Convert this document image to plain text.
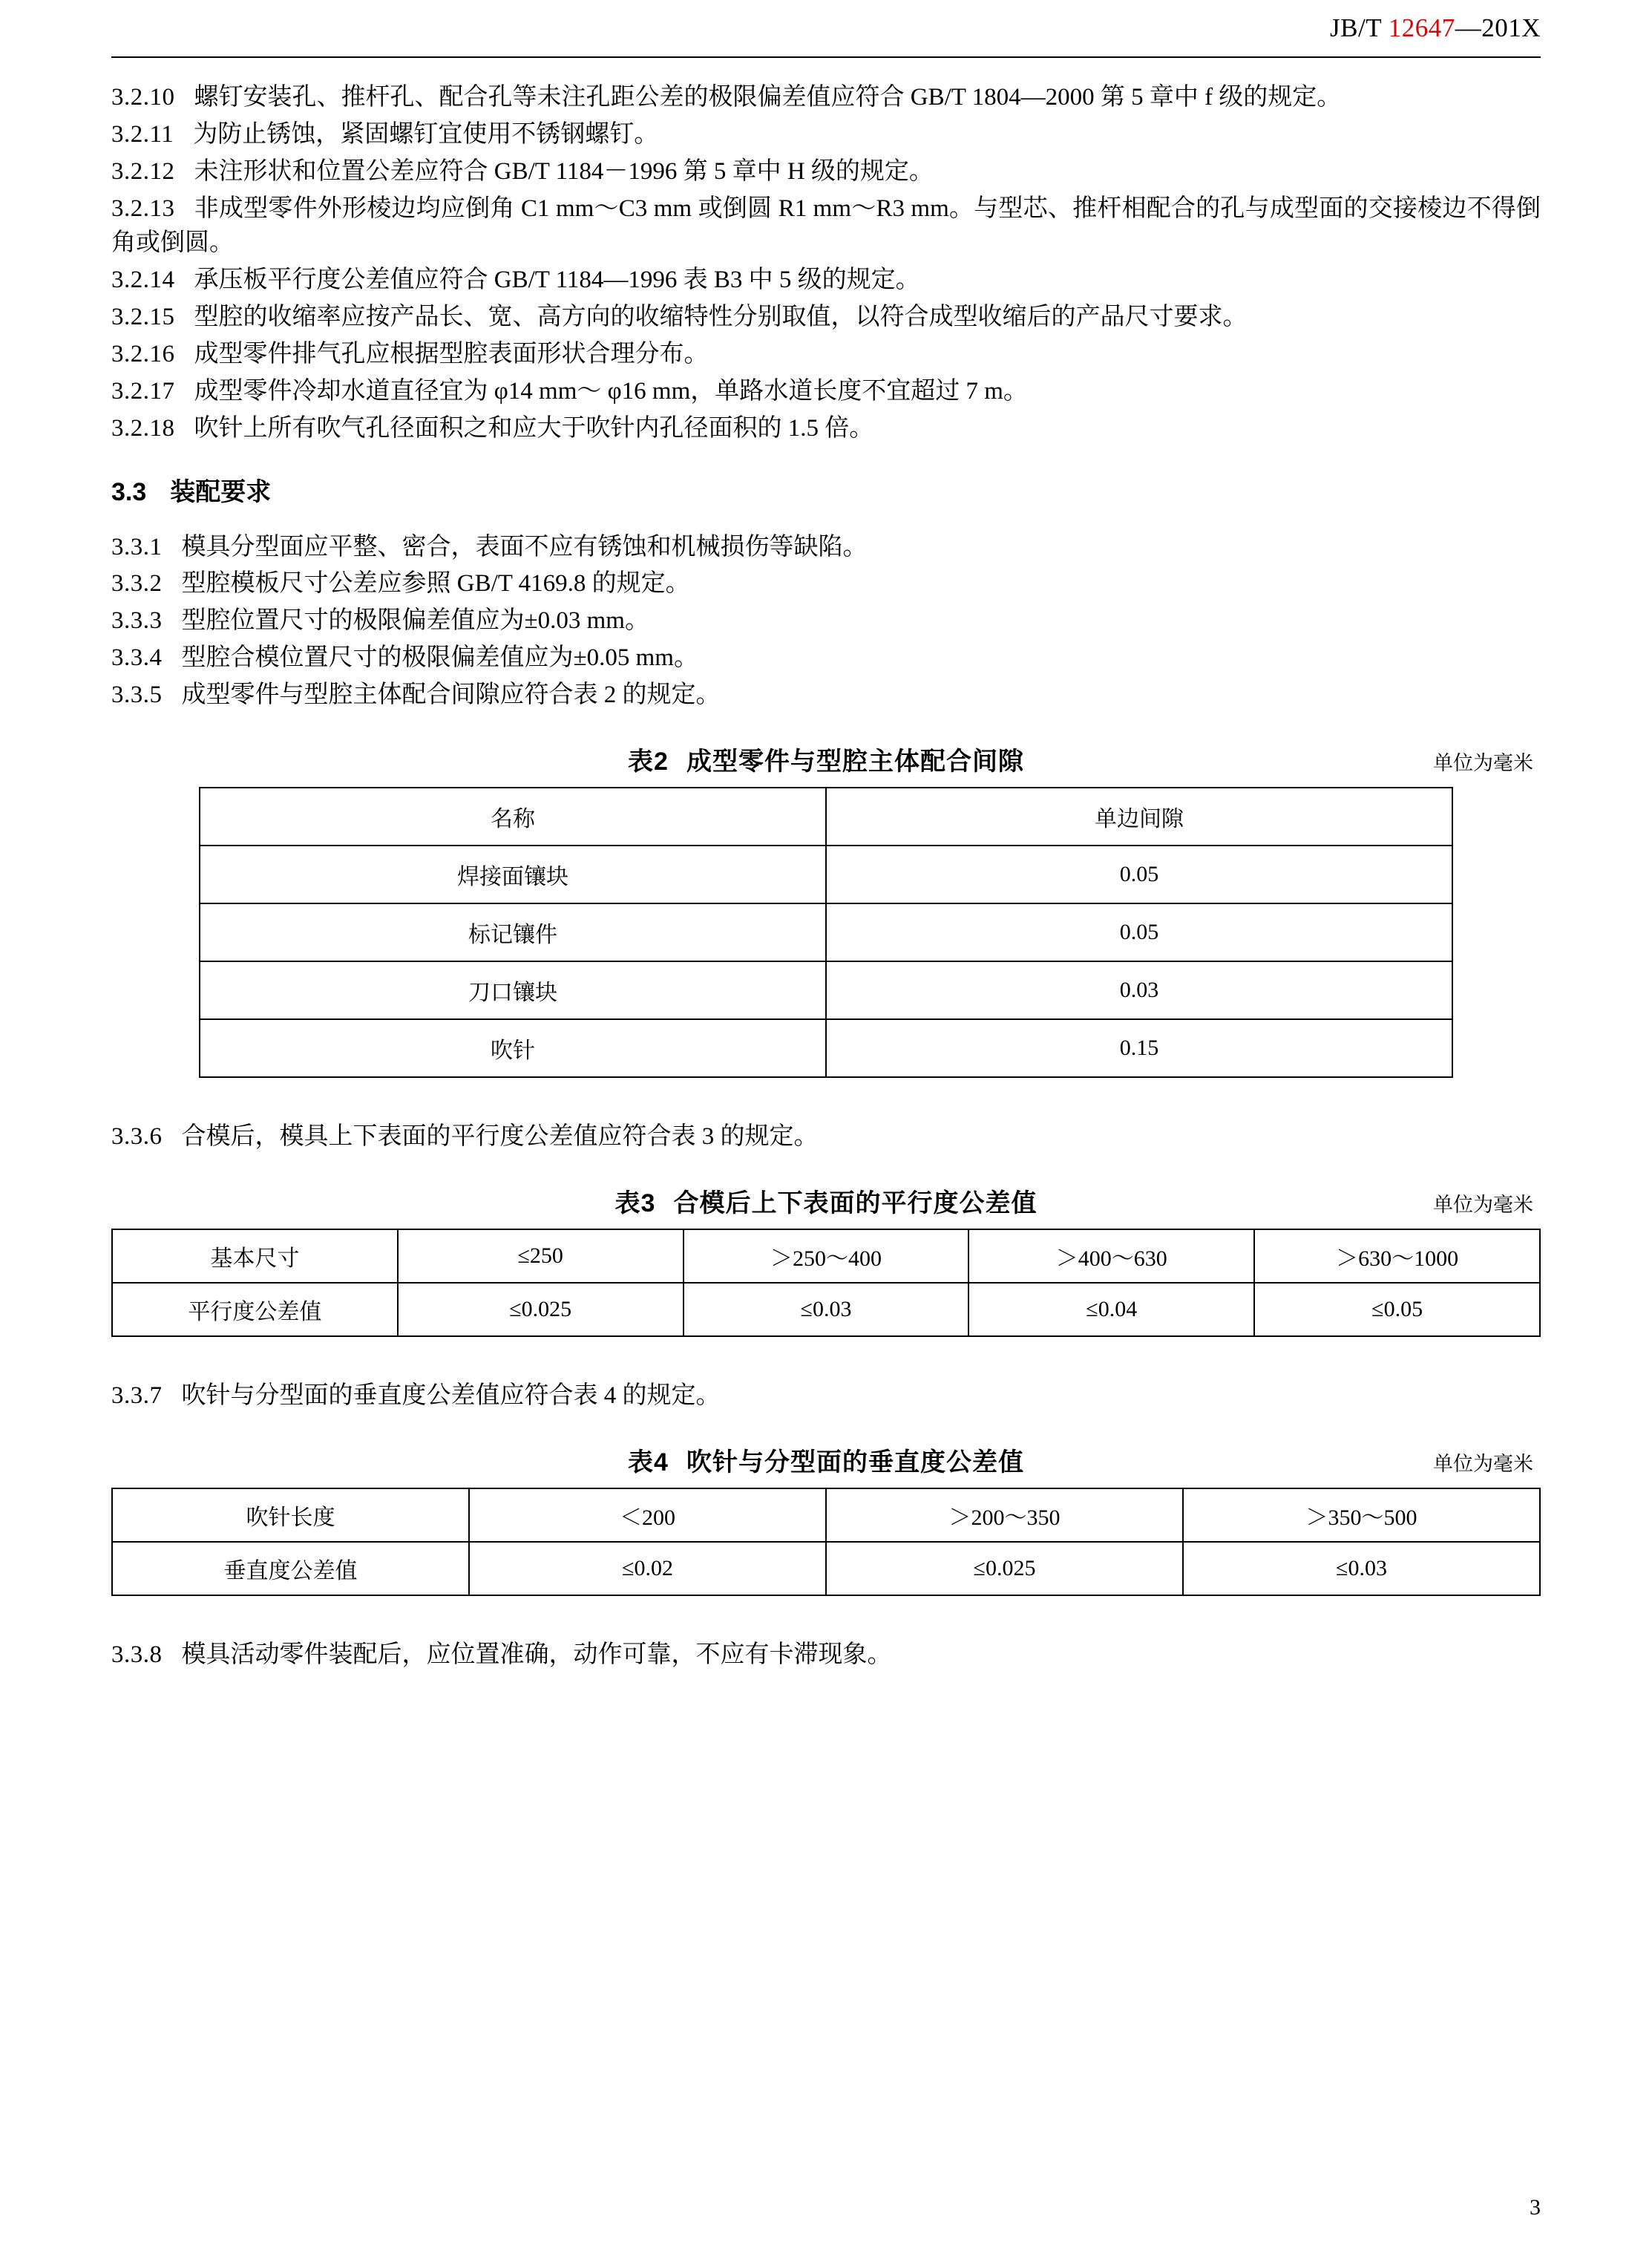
JB/T 12647—201X

3.2.10 螺钉安装孔、推杆孔、配合孔等未注孔距公差的极限偏差值应符合 GB/T 1804—2000 第 5 章中 f 级的规定。

3.2.11 为防止锈蚀，紧固螺钉宜使用不锈钢螺钉。

3.2.12 未注形状和位置公差应符合 GB/T 1184－1996 第 5 章中 H 级的规定。

3.2.13 非成型零件外形棱边均应倒角 C1 mm～C3 mm 或倒圆 R1 mm～R3 mm。与型芯、推杆相配合的孔与成型面的交接棱边不得倒角或倒圆。

3.2.14 承压板平行度公差值应符合 GB/T 1184—1996 表 B3 中 5 级的规定。

3.2.15 型腔的收缩率应按产品长、宽、高方向的收缩特性分别取值，以符合成型收缩后的产品尺寸要求。

3.2.16 成型零件排气孔应根据型腔表面形状合理分布。

3.2.17 成型零件冷却水道直径宜为 φ14 mm～ φ16 mm，单路水道长度不宜超过 7 m。

3.2.18 吹针上所有吹气孔径面积之和应大于吹针内孔径面积的 1.5 倍。

3.3 装配要求

3.3.1 模具分型面应平整、密合，表面不应有锈蚀和机械损伤等缺陷。

3.3.2 型腔模板尺寸公差应参照 GB/T 4169.8 的规定。

3.3.3 型腔位置尺寸的极限偏差值应为±0.03 mm。

3.3.4 型腔合模位置尺寸的极限偏差值应为±0.05 mm。

3.3.5 成型零件与型腔主体配合间隙应符合表 2 的规定。

表2 成型零件与型腔主体配合间隙	单位为毫米
名称	单边间隙
焊接面镶块	0.05
标记镶件	0.05
刀口镶块	0.03
吹针	0.15

3.3.6 合模后，模具上下表面的平行度公差值应符合表 3 的规定。

表3 合模后上下表面的平行度公差值	单位为毫米
基本尺寸	≤250	＞250～400	＞400～630	＞630～1000
平行度公差值	≤0.025	≤0.03	≤0.04	≤0.05

3.3.7 吹针与分型面的垂直度公差值应符合表 4 的规定。

表4 吹针与分型面的垂直度公差值	单位为毫米
吹针长度	＜200	＞200～350	＞350～500
垂直度公差值	≤0.02	≤0.025	≤0.03

3.3.8 模具活动零件装配后，应位置准确，动作可靠，不应有卡滞现象。

3
